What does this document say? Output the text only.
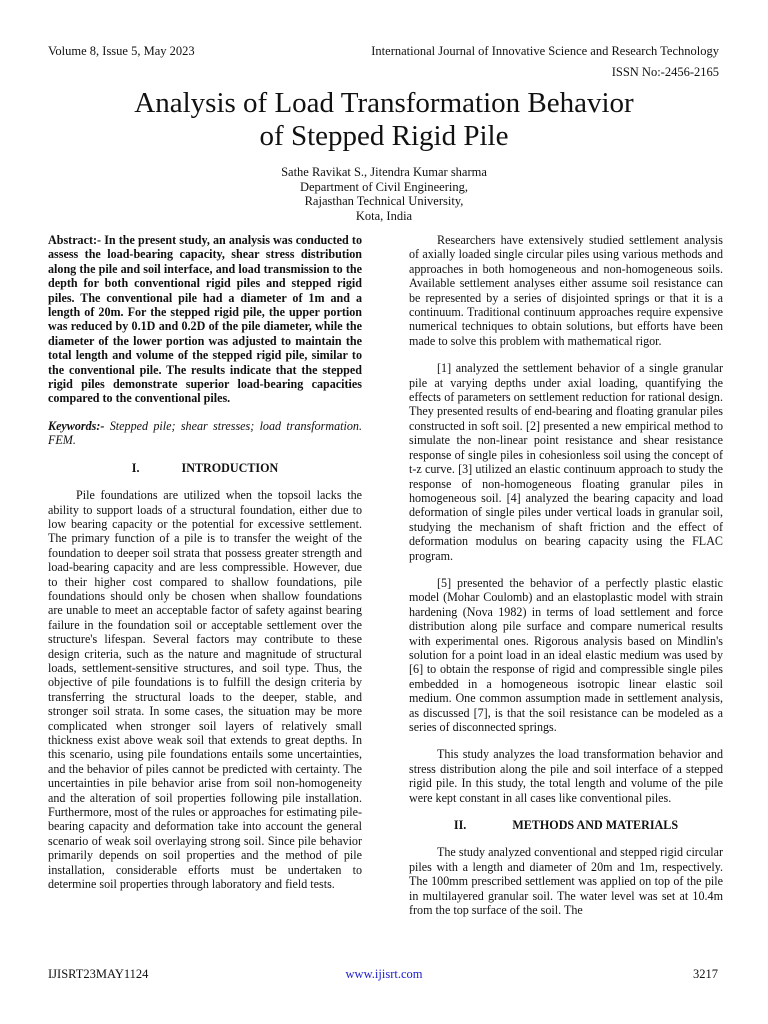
Volume 8, Issue 5, May 2023	International Journal of Innovative Science and Research Technology
ISSN No:-2456-2165
Analysis of Load Transformation Behavior
of Stepped Rigid Pile
Sathe Ravikat S., Jitendra Kumar sharma
Department of Civil Engineering,
Rajasthan Technical University,
Kota, India

Abstract:- In the present study, an analysis was conducted to assess the load-bearing capacity, shear stress distribution along the pile and soil interface, and load transmission to the depth for both conventional rigid piles and stepped rigid piles. The conventional pile had a diameter of 1m and a length of 20m. For the stepped rigid pile, the upper portion was reduced by 0.1D and 0.2D of the pile diameter, while the diameter of the lower portion was adjusted to maintain the total length and volume of the stepped rigid pile, similar to the conventional pile. The results indicate that the stepped rigid piles demonstrate superior load-bearing capacities compared to the conventional piles.

Keywords:- Stepped pile; shear stresses; load transformation. FEM.

I.	INTRODUCTION

Pile foundations are utilized when the topsoil lacks the ability to support loads of a structural foundation, either due to low bearing capacity or the potential for excessive settlement. The primary function of a pile is to transfer the weight of the foundation to deeper soil strata that possess greater strength and load-bearing capacity and are less compressible. However, due to their higher cost compared to shallow foundations, pile foundations should only be chosen when shallow foundations are unable to meet an acceptable factor of safety against bearing failure in the foundation soil or acceptable settlement over the structure's lifespan. Several factors may contribute to these design criteria, such as the nature and magnitude of structural loads, settlement-sensitive structures, and soil type. Thus, the objective of pile foundations is to fulfill the design criteria by transferring the structural loads to the deeper, stable, and stronger soil strata. In some cases, the situation may be more complicated when stronger soil layers of relatively small thickness exist above weak soil that extends to great depths. In this scenario, using pile foundations entails some uncertainties, and the behavior of piles cannot be predicted with certainty. The uncertainties in pile behavior arise from soil non-homogeneity and the alteration of soil properties following pile installation. Furthermore, most of the rules or approaches for estimating pile-bearing capacity and deformation take into account the general scenario of weak soil overlaying strong soil. Since pile behavior primarily depends on soil properties and the method of pile installation, considerable efforts must be undertaken to determine soil properties through laboratory and field tests.

Researchers have extensively studied settlement analysis of axially loaded single circular piles using various methods and approaches in both homogeneous and non-homogeneous soils. Available settlement analyses either assume soil resistance can be represented by a series of disjointed springs or that it is a continuum. Traditional continuum approaches require expensive numerical techniques to obtain solutions, but efforts have been made to solve this problem with mathematical rigor.

[1] analyzed the settlement behavior of a single granular pile at varying depths under axial loading, quantifying the effects of parameters on settlement reduction for rational design. They presented results of end-bearing and floating granular piles constructed in soft soil. [2] presented a new empirical method to simulate the non-linear point resistance and shear resistance response of single piles in cohesionless soil using the concept of t-z curve. [3] utilized an elastic continuum approach to study the response of non-homogeneous floating granular piles in homogeneous soil. [4] analyzed the bearing capacity and load deformation of single piles under vertical loads in granular soil, studying the mechanism of shaft friction and the effect of deformation modulus on bearing capacity using the FLAC program.

[5] presented the behavior of a perfectly plastic elastic model (Mohar Coulomb) and an elastoplastic model with strain hardening (Nova 1982) in terms of load settlement and force distribution along pile surface and compare numerical results with experimental ones. Rigorous analysis based on Mindlin's solution for a point load in an ideal elastic medium was used by [6] to obtain the response of rigid and compressible single piles embedded in a homogeneous isotropic linear elastic soil medium. One common assumption made in settlement analysis, as discussed [7], is that the soil resistance can be modeled as a series of disconnected springs.

This study analyzes the load transformation behavior and stress distribution along the pile and soil interface of a stepped rigid pile. In this study, the total length and volume of the pile were kept constant in all cases like conventional piles.

II.	METHODS AND MATERIALS

The study analyzed conventional and stepped rigid circular piles with a length and diameter of 20m and 1m, respectively. The 100mm prescribed settlement was applied on top of the pile in multilayered granular soil. The water level was set at 10.4m from the top surface of the soil. The

IJISRT23MAY1124	www.ijisrt.com	3217
